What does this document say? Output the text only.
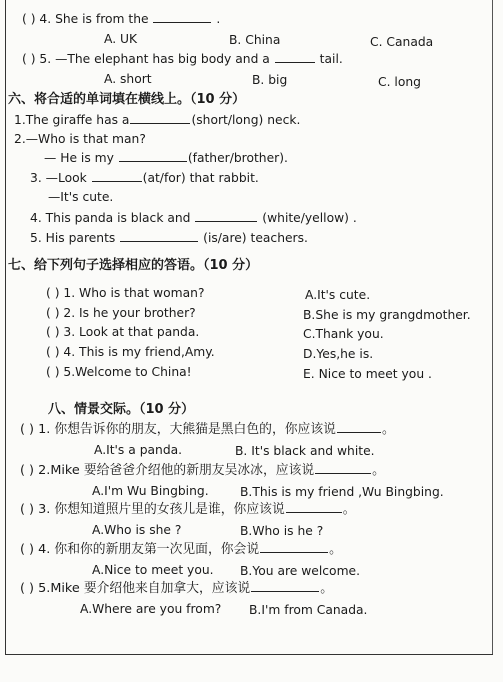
( ) 4. She is from the	.
A. UK	B. China	C. Canada
( ) 5. —The elephant has big body and a	tail.
A. short	B. big	C. long
六、将合适的单词填在横线上。（10 分）
1.The giraffe has a	(short/long) neck.
2.—Who is that man?
— He is my	(father/brother).
3. —Look	(at/for) that rabbit.
—It's cute.
4. This panda is black and	(white/yellow) .
5. His parents	(is/are) teachers.
七、给下列句子选择相应的答语。（10 分）
( ) 1. Who is that woman?	A.It's cute.
( ) 2. Is he your brother?	B.She is my grangdmother.
( ) 3. Look at that panda.	C.Thank you.
( ) 4. This is my friend,Amy.	D.Yes,he is.
( ) 5.Welcome to China!	E. Nice to meet you .
八、情景交际。（10 分）
( ) 1. 你想告诉你的朋友，大熊猫是黑白色的，你应该说	。
A.It's a panda.	B. It's black and white.
( ) 2.Mike 要给爸爸介绍他的新朋友吴冰冰，应该说	。
A.I'm Wu Bingbing.	B.This is my friend ,Wu Bingbing.
( ) 3. 你想知道照片里的女孩儿是谁，你应该说	。
A.Who is she ?	B.Who is he ?
( ) 4. 你和你的新朋友第一次见面，你会说	。
A.Nice to meet you. B.You are welcome.
( ) 5.Mike 要介绍他来自加拿大，应该说	。
A.Where are you from? B.I'm from Canada.
